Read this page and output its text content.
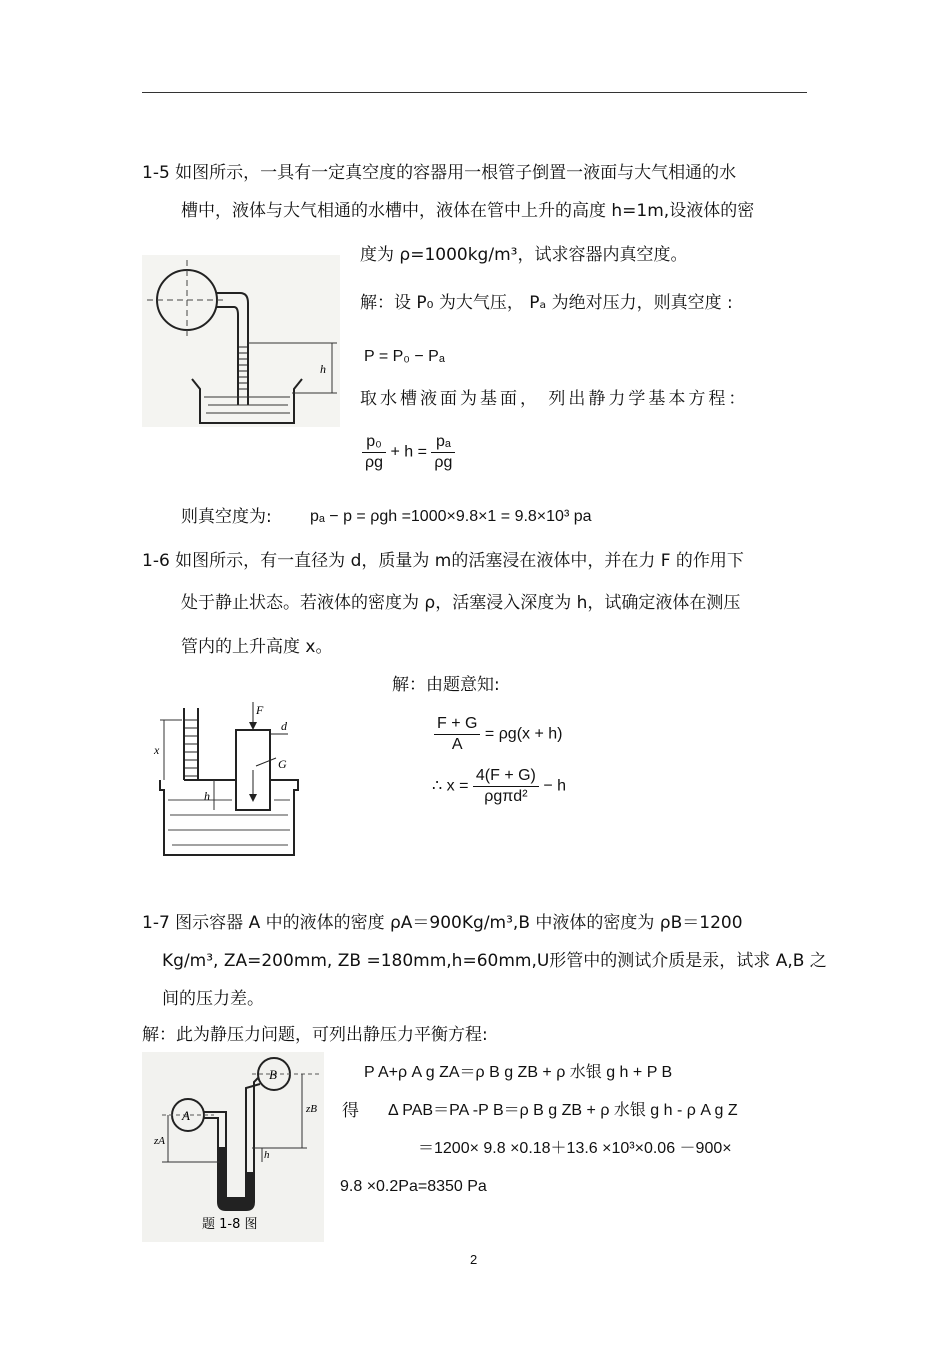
1-5 如图所示，一具有一定真空度的容器用一根管子倒置一液面与大气相通的水
槽中，液体与大气相通的水槽中，液体在管中上升的高度 h=1m,设液体的密
度为 ρ=1000kg/m³，试求容器内真空度。
h
解：设 P₀ 为大气压， Pₐ 为绝对压力，则真空度 :
P = P₀ − Pₐ
取水槽液面为基面， 列出静力学基本方程：
$\frac{\text{p₀}}{\rho g} + h = \frac{\text{pₐ}}{\rho g}$
则真空度为: pₐ − p = ρgh =1000×9.8×1 = 9.8×10³ pa
1-6 如图所示，有一直径为 d，质量为 m的活塞浸在液体中，并在力 F 的作用下
处于静止状态。若液体的密度为 ρ，活塞浸入深度为 h，试确定液体在测压
管内的上升高度 x。
解：由题意知:
F
d
G
x
h
$\frac{F + G}{A} = \rho g(x + h)$
∴ $x = \frac{4(F + G)}{\text{ρgπd²}} - h$
1-7 图示容器 A 中的液体的密度 ρA＝900Kg/m³,B 中液体的密度为 ρB＝1200
Kg/m³, ZA=200mm, ZB =180mm,h=60mm,U形管中的测试介质是汞，试求 A,B 之
间的压力差。
解：此为静压力问题，可列出静压力平衡方程:
A
B
zA
zB
h
题 1-8 图
P A+ρ A g ZA＝ρ B g ZB + ρ 水银 g h + P B
得 Δ PAB＝PA -P B＝ρ B g ZB + ρ 水银 g h - ρ A g Z
＝1200× 9.8 ×0.18＋13.6 ×10³×0.06 －900×
9.8 ×0.2Pa=8350 Pa
2
